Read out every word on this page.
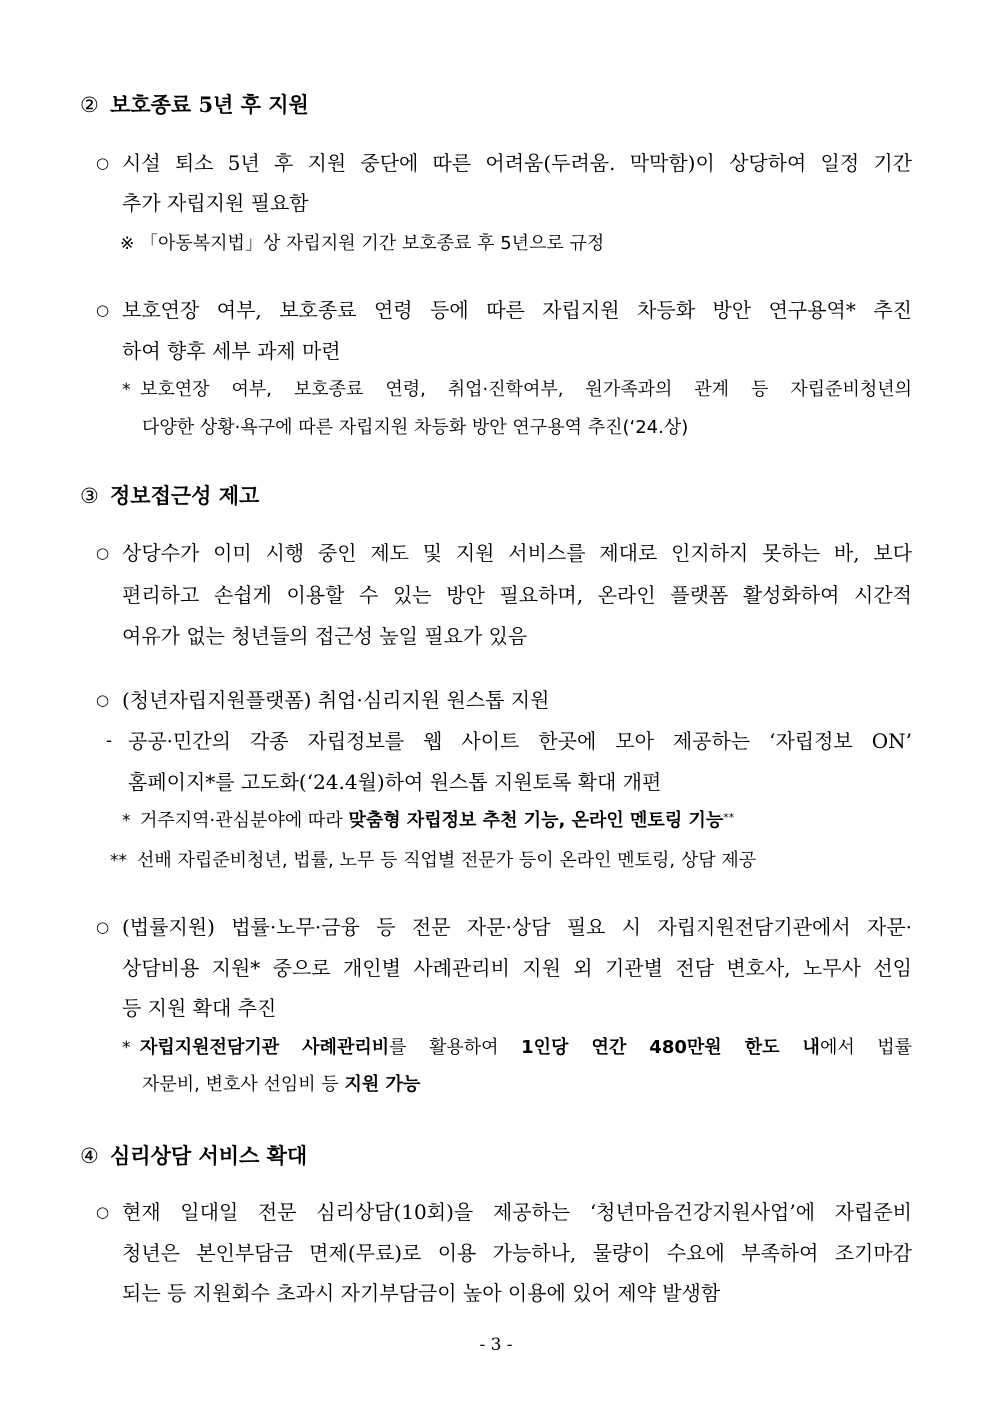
② 보호종료 5년 후 지원
○ 시설 퇴소 5년 후 지원 중단에 따른 어려움(두려움. 막막함)이 상당하여 일정 기간
추가 자립지원 필요함
※ 「아동복지법」상 자립지원 기간 보호종료 후 5년으로 규정
○ 보호연장 여부, 보호종료 연령 등에 따른 자립지원 차등화 방안 연구용역* 추진
하여 향후 세부 과제 마련
* 보호연장 여부, 보호종료 연령, 취업·진학여부, 원가족과의 관계 등 자립준비청년의
다양한 상황·욕구에 따른 자립지원 차등화 방안 연구용역 추진(‘24.상)
③ 정보접근성 제고
○ 상당수가 이미 시행 중인 제도 및 지원 서비스를 제대로 인지하지 못하는 바, 보다
편리하고 손쉽게 이용할 수 있는 방안 필요하며, 온라인 플랫폼 활성화하여 시간적
여유가 없는 청년들의 접근성 높일 필요가 있음
○ (청년자립지원플랫폼) 취업·심리지원 원스톱 지원
- 공공·민간의 각종 자립정보를 웹 사이트 한곳에 모아 제공하는 ‘자립정보 ON’
홈페이지*를 고도화(‘24.4월)하여 원스톱 지원토록 확대 개편
* 거주지역·관심분야에 따라 맞춤형 자립정보 추천 기능, 온라인 멘토링 기능**
** 선배 자립준비청년, 법률, 노무 등 직업별 전문가 등이 온라인 멘토링, 상담 제공
○ (법률지원) 법률·노무·금융 등 전문 자문·상담 필요 시 자립지원전담기관에서 자문·
상담비용 지원* 중으로 개인별 사례관리비 지원 외 기관별 전담 변호사, 노무사 선임
등 지원 확대 추진
* 자립지원전담기관 사례관리비를 활용하여 1인당 연간 480만원 한도 내에서 법률
자문비, 변호사 선임비 등 지원 가능
④ 심리상담 서비스 확대
○ 현재 일대일 전문 심리상담(10회)을 제공하는 ‘청년마음건강지원사업’에 자립준비
청년은 본인부담금 면제(무료)로 이용 가능하나, 물량이 수요에 부족하여 조기마감
되는 등 지원회수 초과시 자기부담금이 높아 이용에 있어 제약 발생함
- 3 -
